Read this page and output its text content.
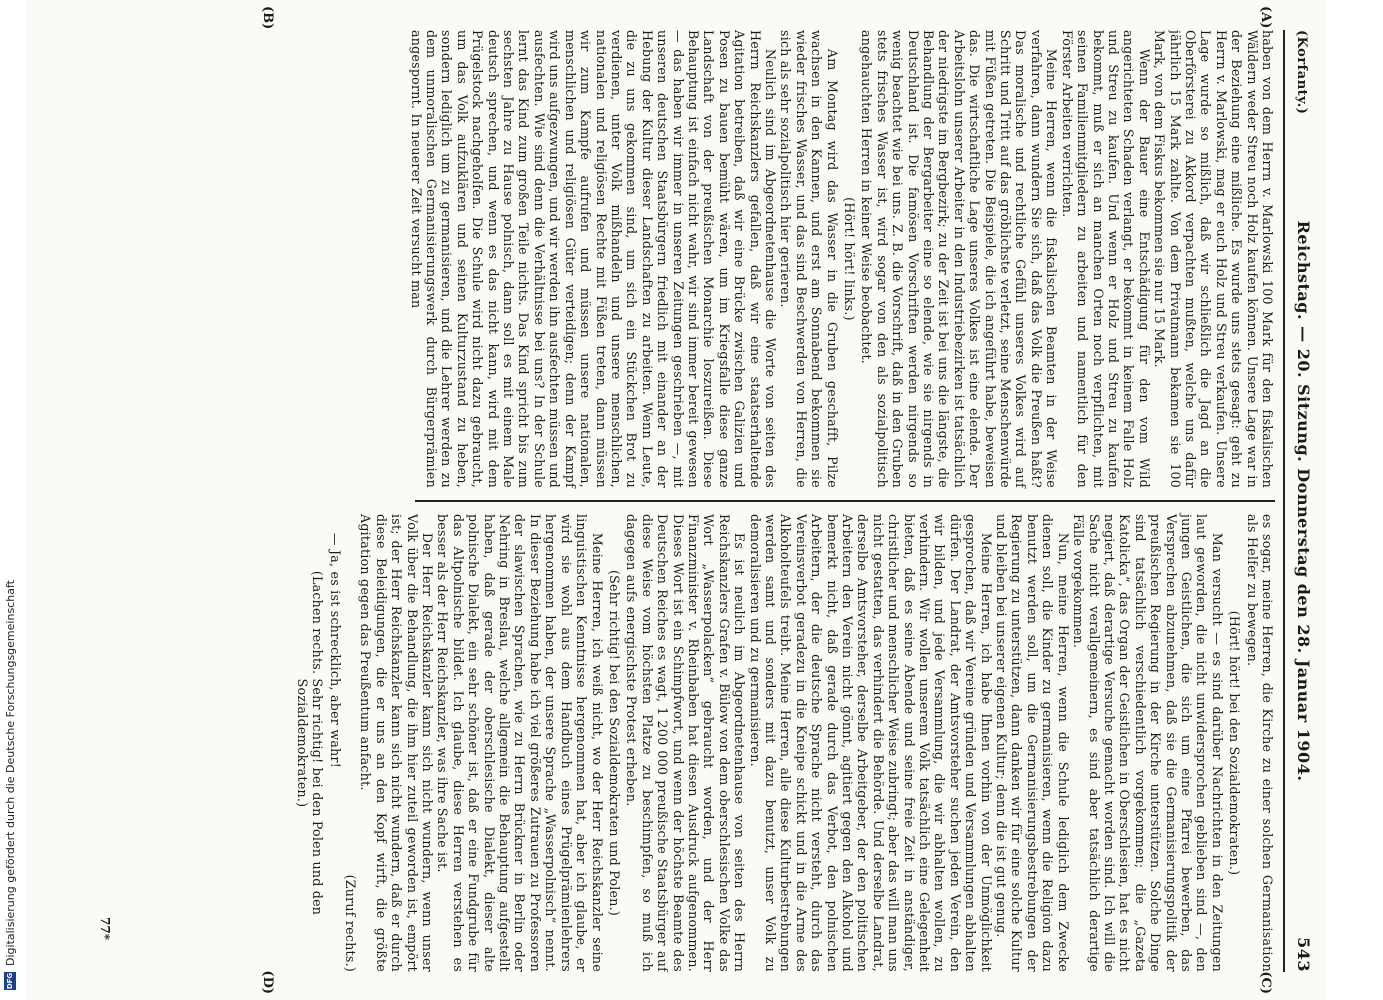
DFG
Digitalisierung gefördert durch die Deutsche Forschungsgemeinschaft
(Korfanty.)
Reichstag. — 20. Sitzung. Donnerstag den 28. Januar 1904.
543
(A)
(B)
(C)
(D)

haben von dem Herrn v. Marlowski 100 Mark für den fiskalischen Wäldern weder Streu noch Holz kaufen können. Unsere Lage war in der Beziehung eine mißliche. Es wurde uns stets gesagt: geht zu Herrn v. Marlowski, mag er euch Holz und Streu verkaufen. Unsere Lage wurde so mißlich, daß wir schließlich die Jagd an die Oberförsterei zu Akkord verpachten mußten, welche uns dafür jährlich 15 Mark zahlte. Von dem Privatmann bekamen sie 100 Mark, von dem Fiskus bekommen sie nur 15 Mark.

Wenn der Bauer eine Entschädigung für den vom Wild angerichteten Schaden verlangt, er bekommt in keinem Falle Holz und Streu zu kaufen. Und wenn er Holz und Streu zu kaufen bekommt, muß er sich an manchen Orten noch verpflichten, mit seinen Familienmitgliedern zu arbeiten und namentlich für den Förster Arbeiten verrichten.

Meine Herren, wenn die fiskalischen Beamten in der Weise verfahren, dann wundern Sie sich, daß das Volk die Preußen haßt? Das moralische und rechtliche Gefühl unseres Volkes wird auf Schritt und Tritt auf das gröblichste verletzt, seine Menschenwürde mit Füßen getreten. Die Beispiele, die ich angeführt habe, beweisen das. Die wirtschaftliche Lage unseres Volkes ist eine elende. Der Arbeitslohn unserer Arbeiter in den Industriebezirken ist tatsächlich der niedrigste im Bergbezirk; zu der Zeit ist bei uns die längste, die Behandlung der Bergarbeiter eine so elende, wie sie nirgends in Deutschland ist. Die famösen Vorschriften werden nirgends so wenig beachtet wie bei uns. Z. B. die Vorschrift, daß in den Gruben stets frisches Wasser ist, wird sogar von den als sozialpolitisch angehauchten Herren in keiner Weise beobachtet.

(Hört! hört! links.)

Am Montag wird das Wasser in die Gruben geschafft, Pilze wachsen in den Kannen, und erst am Sonnabend bekommen sie wieder frisches Wasser, und das sind Beschwerden von Herren, die sich als sehr sozialpolitisch hier gerieren.

Neulich sind im Abgeordnetenhause die Worte von seiten des Herrn Reichskanzlers gefallen, daß wir eine staatserhaltende Agitation betreiben, daß wir eine Brücke zwischen Galizien und Posen zu bauen bemüht wären, um im Kriegsfalle diese ganze Landschaft von der preußischen Monarchie loszureißen. Diese Behauptung ist einfach nicht wahr, wir sind immer bereit gewesen — das haben wir immer in unseren Zeitungen geschrieben —, mit unseren deutschen Staatsbürgern friedlich mit einander an der Hebung der Kultur dieser Landschaften zu arbeiten. Wenn Leute, die zu uns gekommen sind, um sich ein Stückchen Brot zu verdienen, unter Volk mißhandeln und unsere menschlichen, nationalen und religiösen Rechte mit Füßen treten, dann müssen wir zum Kampfe aufrufen und müssen unsere nationalen, menschlichen und religiösen Güter verteidigen; denn der Kampf wird uns aufgezwungen, und wir werden ihn ausfechten müssen und ausfechten. Wie sind denn die Verhältnisse bei uns? In der Schule lernt das Kind zum großen Teile nichts. Das Kind spricht bis zum sechsten Jahre zu Hause polnisch, dann soll es mit einem Male deutsch sprechen, und wenn es das nicht kann, wird mit dem Prügelstock nachgeholfen. Die Schule wird nicht dazu gebraucht, um das Volk aufzuklären und seinen Kulturzustand zu heben, sondern lediglich um zu germanisieren, und die Lehrer werden zu dem unmoralischen Germanisierungswerk durch Bürgerprämien angespornt. In neuerer Zeit versucht man

es sogar, meine Herren, die Kirche zu einer solchen Germanisation als Helfer zu bewegen.

(Hört! hört! bei den Sozialdemokraten.)

Man versucht — es sind darüber Nachrichten in den Zeitungen laut geworden, die nicht unwidersprochen geblieben sind —, den jungen Geistlichen, die sich um eine Pfarrei bewerben, das Versprechen abzunehmen, daß sie die Germanisierungspolitik der preußischen Regierung in der Kirche unterstützen. Solche Dinge sind tatsächlich verschiedentlich vorgekommen; die „Gazeta Katolicka“, das Organ der Geistlichen in Oberschlesien, hat es nicht negiert, daß derartige Versuche gemacht worden sind. Ich will die Sache nicht verallgemeinern, es sind aber tatsächlich derartige Fälle vorgekommen.

Nun, meine Herren, wenn die Schule lediglich dem Zwecke dienen soll, die Kinder zu germanisieren, wenn die Religion dazu benutzt werden soll, um die Germanisierungsbestrebungen der Regierung zu unterstützen, dann danken wir für eine solche Kultur und bleiben bei unserer eigenen Kultur; denn die ist gut genug.

Meine Herren, ich habe Ihnen vorhin von der Unmöglichkeit gesprochen, daß wir Vereine gründen und Versammlungen abhalten dürfen. Der Landrat, der Amtsvorsteher suchen jeden Verein, den wir bilden, und jede Versammlung, die wir abhalten wollen, zu verhindern. Wir wollen unserem Volk tatsächlich eine Gelegenheit bieten, daß es seine Abende und seine freie Zeit in anständiger, christlicher und menschlicher Weise zubringt; aber das will man uns nicht gestatten, das verhindert die Behörde. Und derselbe Landrat, derselbe Amtsvorsteher, derselbe Arbeitgeber, der den politischen Arbeitern den Verein nicht gönnt, agitiert gegen den Alkohol und bemerkt nicht, daß gerade durch das Verbot, den polnischen Arbeitern, der die deutsche Sprache nicht versteht, durch das Vereinsverbot geradezu in die Kneipe schickt und in die Arme des Alkoholteufels treibt. Meine Herren, alle diese Kulturbestrebungen werden samt und sonders mit dazu benutzt, unser Volk zu demoralisieren und zu germanisieren.

Es ist neulich im Abgeordnetenhause von seiten des Herrn Reichskanzlers Grafen v. Bülow von dem oberschlesischen Volke das Wort „Wasserpolacken“ gebraucht worden, und der Herr Finanzminister v. Rheinbaben hat diesen Ausdruck aufgenommen. Dieses Wort ist ein Schimpfwort, und wenn der höchste Beamte des Deutschen Reiches es wagt, 1 200 000 preußische Staatsbürger auf diese Weise vom höchsten Platze zu beschimpfen, so muß ich dagegen aufs energischste Protest erheben.

(Sehr richtig! bei den Sozialdemokraten und Polen.)

Meine Herren, ich weiß nicht, wo der Herr Reichskanzler seine linguistischen Kenntnisse hergenommen hat, aber ich glaube, er wird sie wohl aus dem Handbuch eines Prügelprämienlehrers hergenommen haben, der unsere Sprache „Wasserpolnisch“ nennt. In dieser Beziehung habe ich viel größeres Zutrauen zu Professoren der slawischen Sprachen, wie zu Herrn Brückner in Berlin oder Nehring in Breslau, welche allgemein die Behauptung aufgestellt haben, daß gerade der oberschlesische Dialekt, dieser alte polnische Dialekt, ein sehr schöner ist, daß er eine Fundgrube für das Altpolnische bildet. Ich glaube, diese Herren verstehen es besser als der Herr Reichskanzler, was ihre Sache ist.

Der Herr Reichskanzler kann sich nicht wundern, wenn unser Volk über die Behandlung, die ihm hier zuteil geworden ist, empört ist; der Herr Reichskanzler kann sich nicht wundern, daß er durch diese Beleidigungen, die er uns an den Kopf wirft, die größte Agitation gegen das Preußentum anfacht.

(Zuruf rechts.)

— Ja, es ist schrecklich, aber wahr!

(Lachen rechts. Sehr richtig! bei den Polen und den Sozialdemokraten.)

77*
